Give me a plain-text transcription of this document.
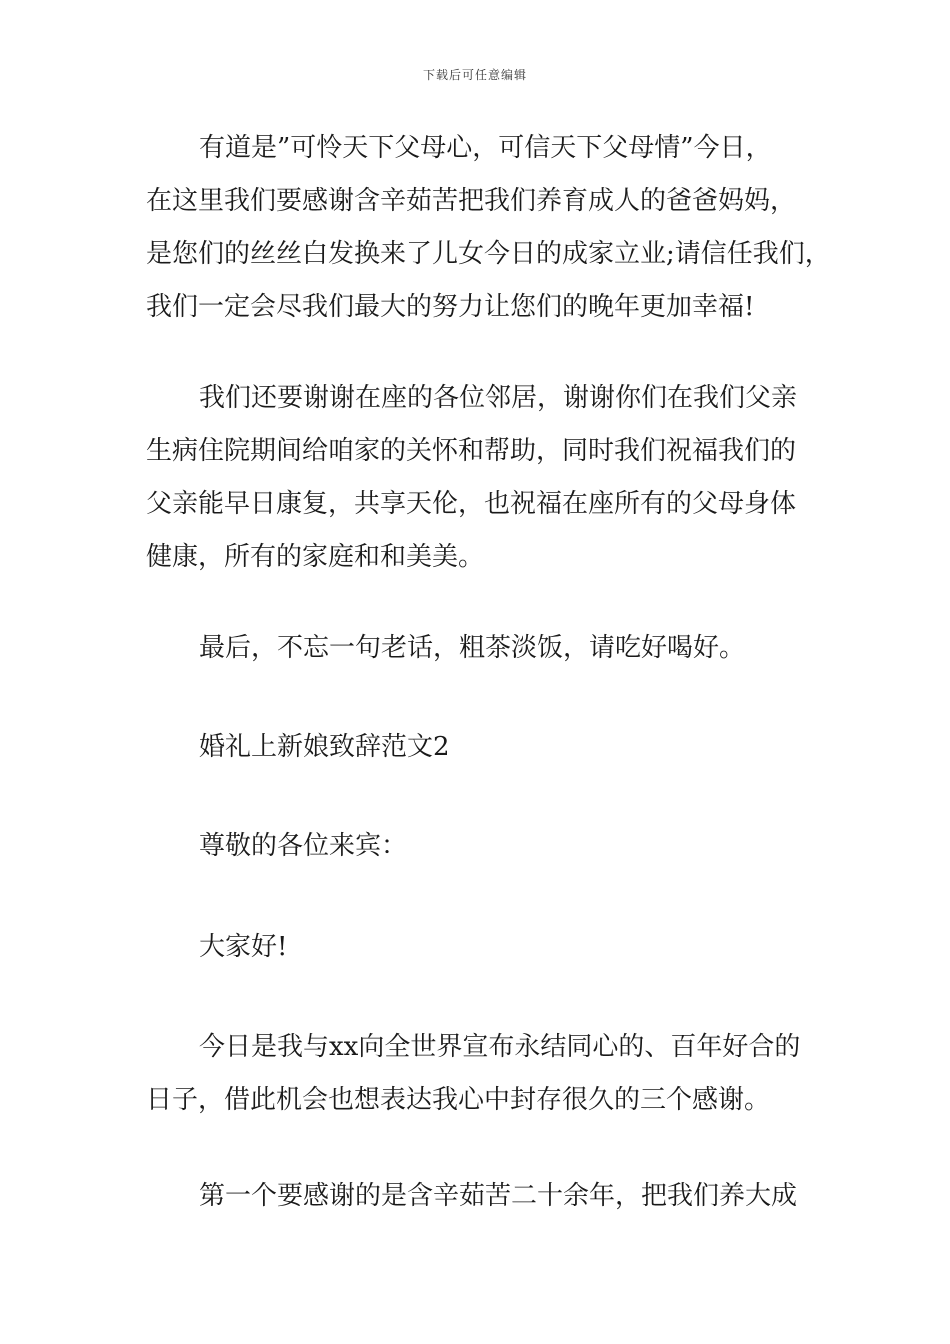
下载后可任意编辑
有道是”可怜天下父母心，可信天下父母情”今日，
在这里我们要感谢含辛茹苦把我们养育成人的爸爸妈妈，
是您们的丝丝白发换来了儿女今日的成家立业;请信任我们，
我们一定会尽我们最大的努力让您们的晚年更加幸福!
我们还要谢谢在座的各位邻居，谢谢你们在我们父亲
生病住院期间给咱家的关怀和帮助，同时我们祝福我们的
父亲能早日康复，共享天伦，也祝福在座所有的父母身体
健康，所有的家庭和和美美。
最后，不忘一句老话，粗茶淡饭，请吃好喝好。
婚礼上新娘致辞范文2
尊敬的各位来宾：
大家好!
今日是我与xx向全世界宣布永结同心的、百年好合的
日子，借此机会也想表达我心中封存很久的三个感谢。
第一个要感谢的是含辛茹苦二十余年，把我们养大成
